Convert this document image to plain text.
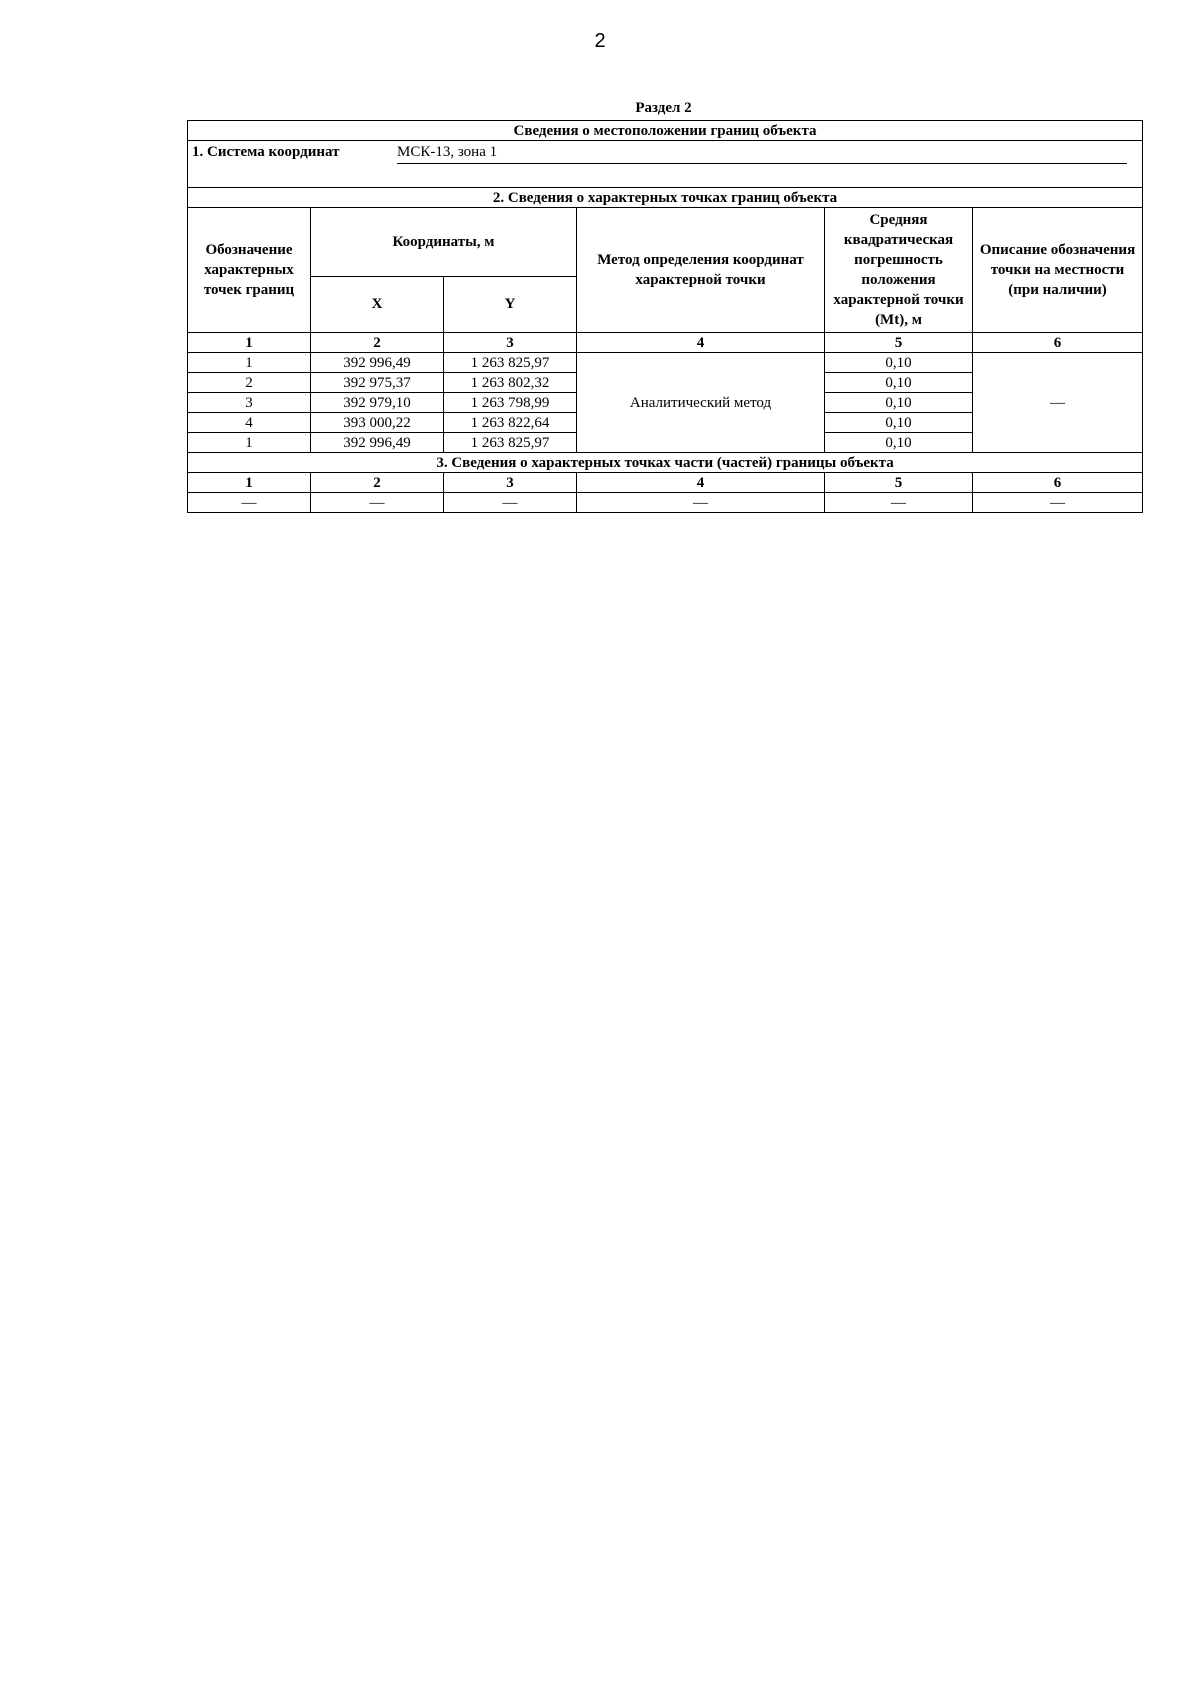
2
Раздел 2
Сведения о местоположении границ объекта					
1. Система координат МСК-13, зона 1					
2. Сведения о характерных точках границ объекта					
Обозначение характерных точек границ	Координаты, м		Метод определения координат характерной точки	Средняя квадратическая погрешность положения характерной точки (Mt), м	Описание обозначения точки на местности (при наличии)
	X	Y			
1	2	3	4	5	6
1	392 996,49	1 263 825,97	Аналитический метод	0,10	—
2	392 975,37	1 263 802,32		0,10	
3	392 979,10	1 263 798,99		0,10	
4	393 000,22	1 263 822,64		0,10	
1	392 996,49	1 263 825,97		0,10	
3. Сведения о характерных точках части (частей) границы объекта					
1	2	3	4	5	6
—	—	—	—	—	—
